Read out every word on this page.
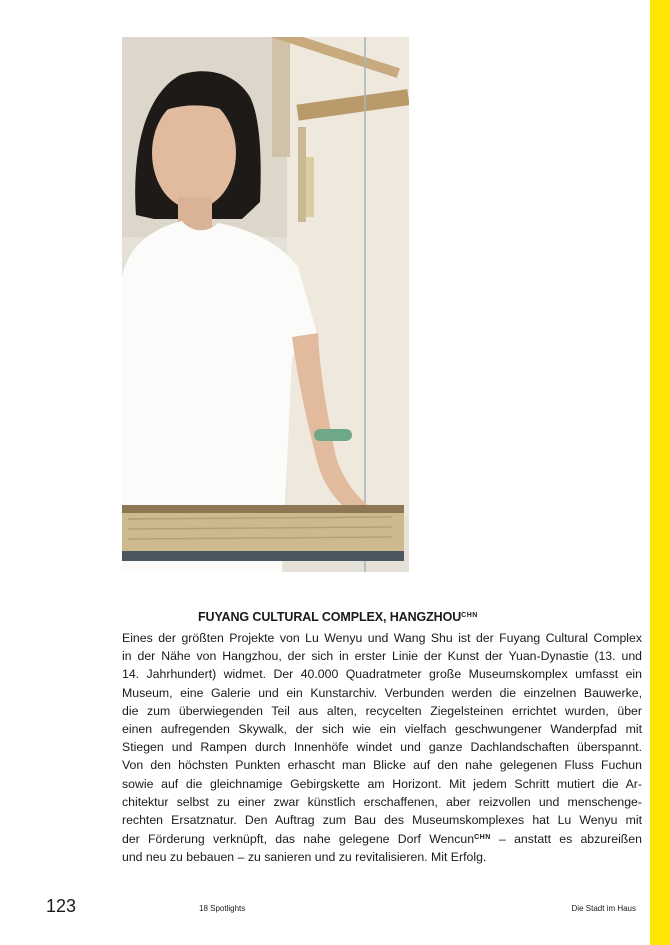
FUYANG CULTURAL COMPLEX, $HANGZHOU^{CHN}$
Eines der größten Projekte von Lu Wenyu und Wang Shu ist der Fuyang Cultural Complex
in der Nähe von Hangzhou, der sich in erster Linie der Kunst der Yuan-Dynastie (13. und
14. Jahrhundert) widmet. Der 40.000 Quadratmeter große Museumskomplex umfasst ein
Museum, eine Galerie und ein Kunstarchiv. Verbunden werden die einzelnen Bauwerke,
die zum überwiegenden Teil aus alten, recycelten Ziegelsteinen errichtet wurden, über
einen aufregenden Skywalk, der sich wie ein vielfach geschwungener Wanderpfad mit
Stiegen und Rampen durch Innenhöfe windet und ganze Dachlandschaften überspannt.
Von den höchsten Punkten erhascht man Blicke auf den nahe gelegenen Fluss Fuchun
sowie auf die gleichnamige Gebirgskette am Horizont. Mit jedem Schritt mutiert die Ar-
chitektur selbst zu einer zwar künstlich erschaffenen, aber reizvollen und menschenge-
rechten Ersatznatur. Den Auftrag zum Bau des Museumskomplexes hat Lu Wenyu mit
der Förderung verknüpft, das nahe gelegene Dorf Wencun$^{CHN}$ – anstatt es abzureißen
und neu zu bebauen – zu sanieren und zu revitalisieren. Mit Erfolg.
123	18 Spotlights	Die Stadt im Haus
